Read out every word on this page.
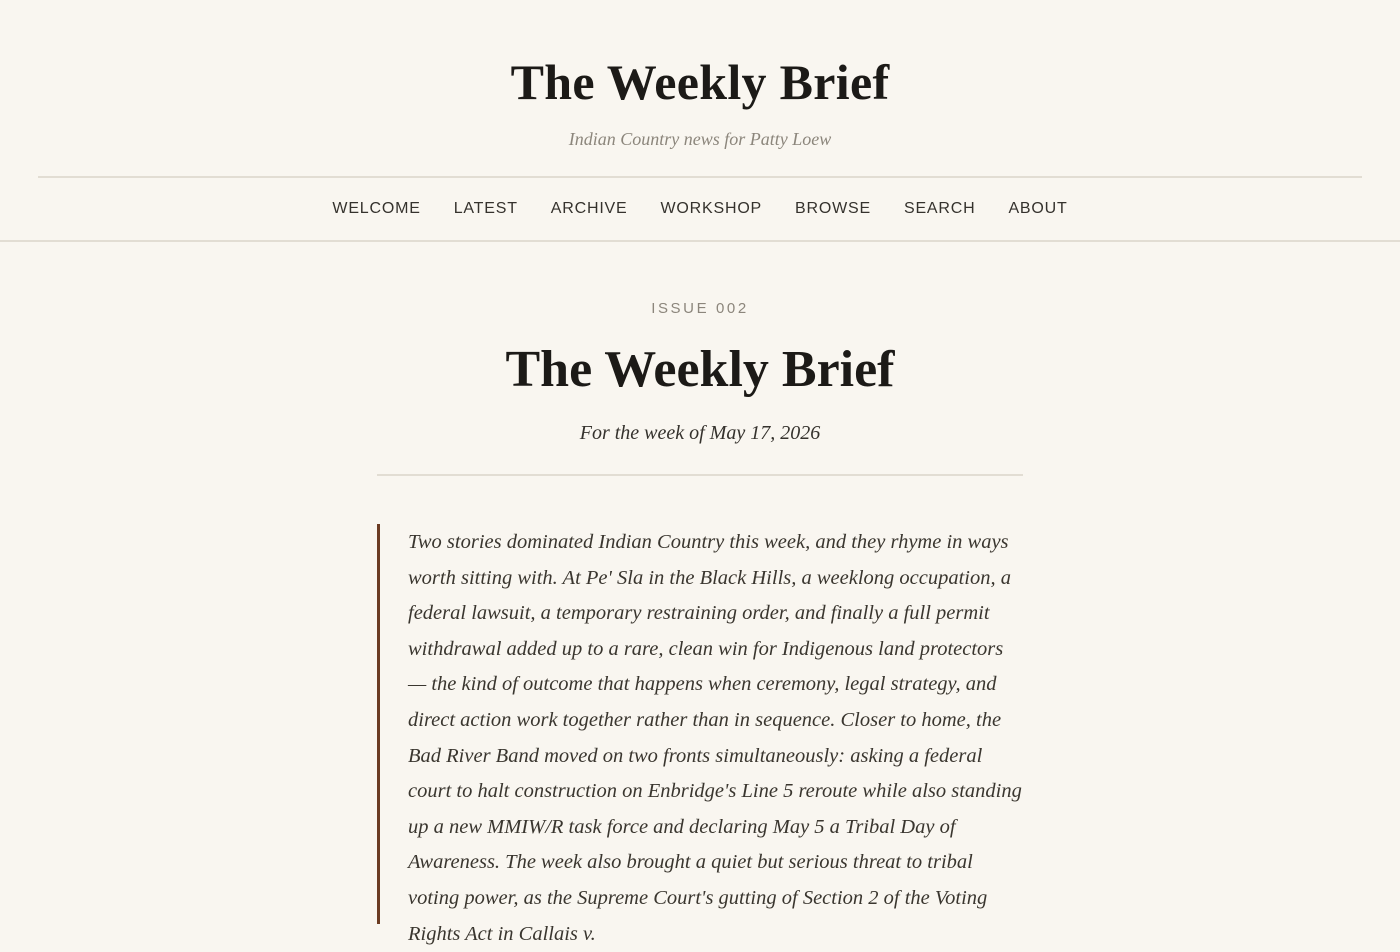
The Weekly Brief
Indian Country news for Patty Loew
WELCOME LATEST ARCHIVE WORKSHOP BROWSE SEARCH ABOUT
ISSUE 002
The Weekly Brief
For the week of May 17, 2026

Two stories dominated Indian Country this week, and they rhyme in ways worth sitting with. At Pe' Sla in the Black Hills, a weeklong occupation, a federal lawsuit, a temporary restraining order, and finally a full permit withdrawal added up to a rare, clean win for Indigenous land protectors — the kind of outcome that happens when ceremony, legal strategy, and direct action work together rather than in sequence. Closer to home, the Bad River Band moved on two fronts simultaneously: asking a federal court to halt construction on Enbridge's Line 5 reroute while also standing up a new MMIW/R task force and declaring May 5 a Tribal Day of Awareness. The week also brought a quiet but serious threat to tribal voting power, as the Supreme Court's gutting of Section 2 of the Voting Rights Act in Callais v.
